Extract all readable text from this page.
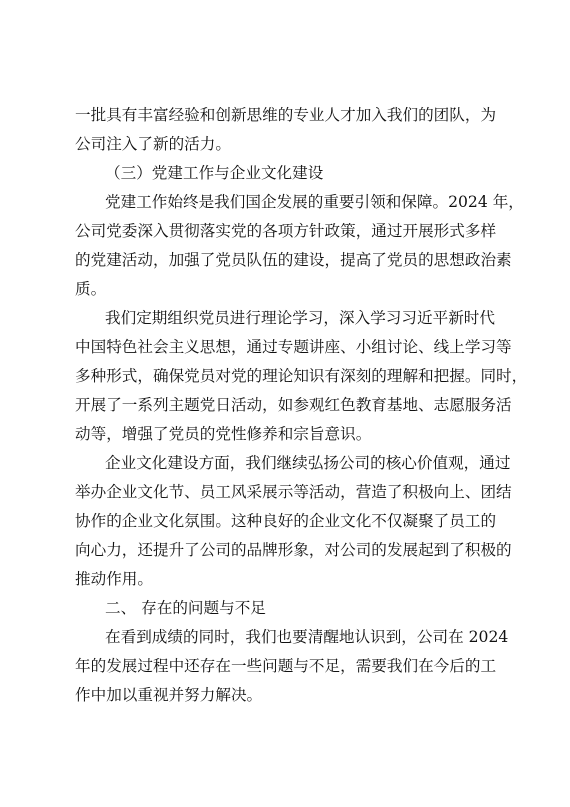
一批具有丰富经验和创新思维的专业人才加入我们的团队，为
公司注入了新的活力。
（三）党建工作与企业文化建设
党建工作始终是我们国企发展的重要引领和保障。2024 年，
公司党委深入贯彻落实党的各项方针政策，通过开展形式多样
的党建活动，加强了党员队伍的建设，提高了党员的思想政治素
质。
我们定期组织党员进行理论学习，深入学习习近平新时代
中国特色社会主义思想，通过专题讲座、小组讨论、线上学习等
多种形式，确保党员对党的理论知识有深刻的理解和把握。同时，
开展了一系列主题党日活动，如参观红色教育基地、志愿服务活
动等，增强了党员的党性修养和宗旨意识。
企业文化建设方面，我们继续弘扬公司的核心价值观，通过
举办企业文化节、员工风采展示等活动，营造了积极向上、团结
协作的企业文化氛围。这种良好的企业文化不仅凝聚了员工的
向心力，还提升了公司的品牌形象，对公司的发展起到了积极的
推动作用。
二、 存在的问题与不足
在看到成绩的同时，我们也要清醒地认识到，公司在 2024
年的发展过程中还存在一些问题与不足，需要我们在今后的工
作中加以重视并努力解决。
